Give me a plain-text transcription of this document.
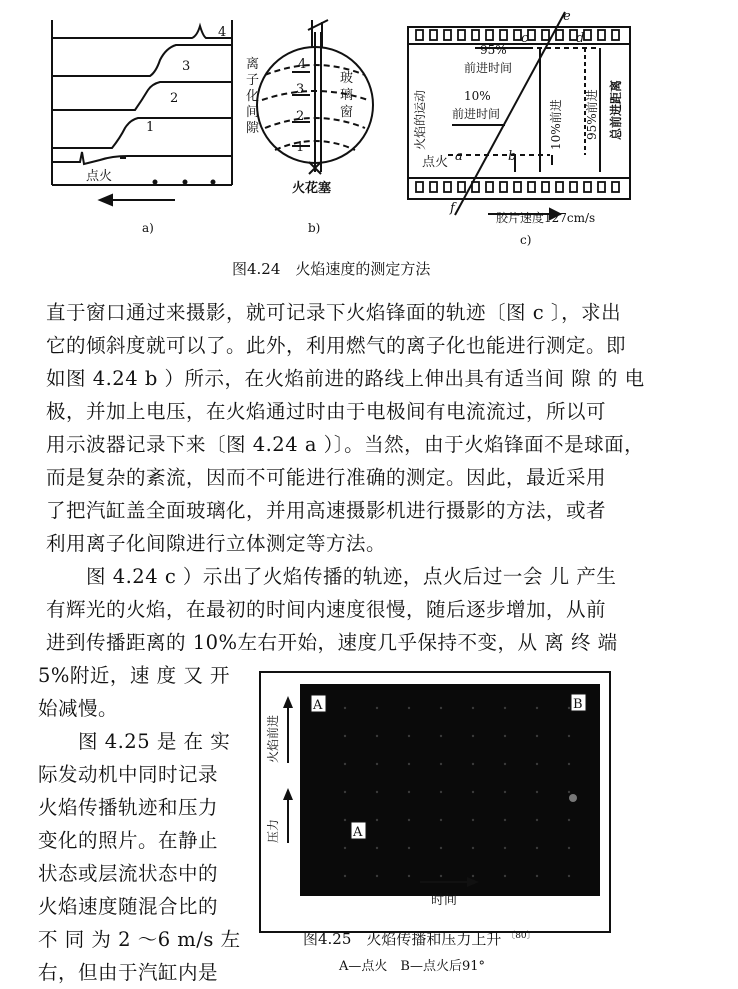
4
3
2
1
点火
a)
4
3
2
1
离
子
化
间
隙
玻
璃
窗
火花塞
b)
e
c	d
a	b
f
95%
前进时间
10%
前进时间
火焰的运动	10%前进 95%前进 总前进距离
点火
胶片速度127cm/s
c)
图4.24　火焰速度的测定方法
直于窗口通过来摄影，就可记录下火焰锋面的轨迹〔图 c 〕，求出
它的倾斜度就可以了。此外，利用燃气的离子化也能进行测定。即
如图 4.24 b ）所示，在火焰前进的路线上伸出具有适当间 隙 的 电
极，并加上电压，在火焰通过时由于电极间有电流流过，所以可
用示波器记录下来〔图 4.24 a ）〕。当然，由于火焰锋面不是球面，
而是复杂的紊流，因而不可能进行准确的测定。因此，最近采用
了把汽缸盖全面玻璃化，并用高速摄影机进行摄影的方法，或者
利用离子化间隙进行立体测定等方法。
　　图 4.24 c ）示出了火焰传播的轨迹，点火后过一会 儿 产生
有辉光的火焰，在最初的时间内速度很慢，随后逐步增加，从前
进到传播距离的 10%左右开始，速度几乎保持不变，从 离 终 端
5%附近，速 度 又 开
始减慢。
　　图 4.25 是 在 实
际发动机中同时记录
火焰传播轨迹和压力
变化的照片。在静止
状态或层流状态中的
火焰速度随混合比的
不 同 为 2 ～6 m/s 左
右，但由于汽缸内是
A	B
A
火焰前进
压力
时间
图4.25　火焰传播和压力上升 $^{〔80〕}$
A—点火　B—点火后91°
